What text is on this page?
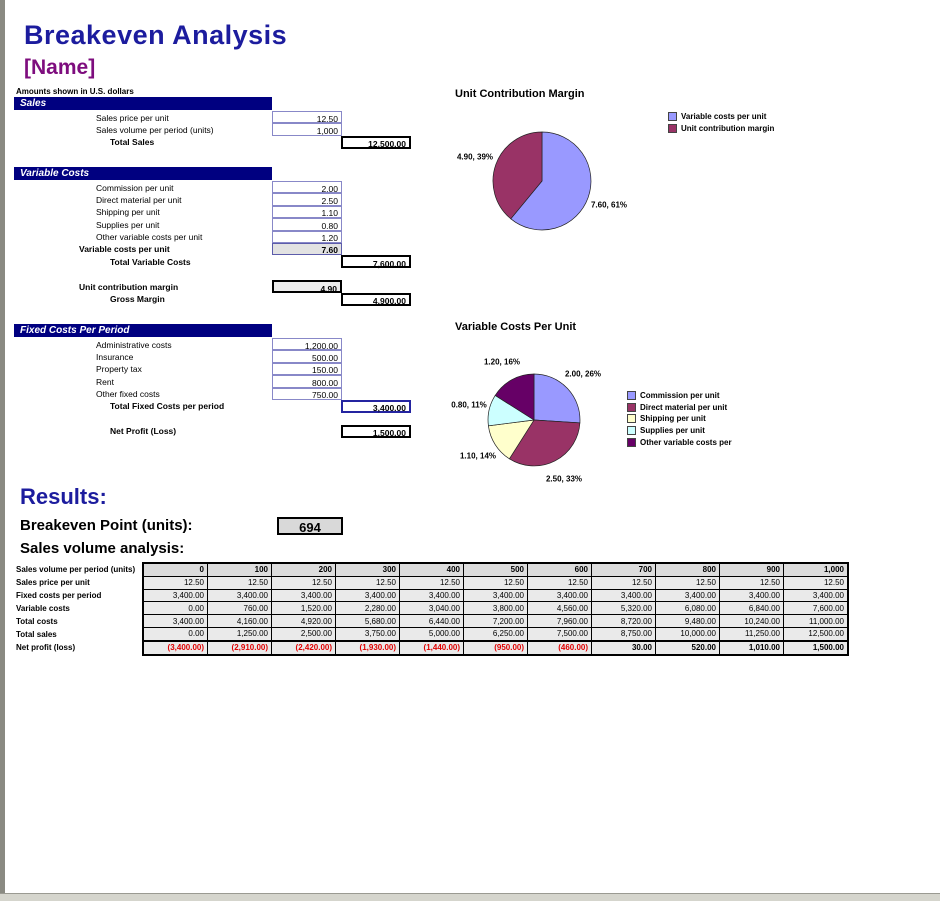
Breakeven Analysis
[Name]
Amounts shown in U.S. dollars
Sales
Sales price per unit	12.50
Sales volume per period (units)	1,000
Total Sales	12,500.00
Variable Costs
Commission per unit	2.00
Direct material per unit	2.50
Shipping per unit	1.10
Supplies per unit	0.80
Other variable costs per unit	1.20
Variable costs per unit	7.60
Total Variable Costs	7,600.00
Unit contribution margin	4.90
Gross Margin	4,900.00
Fixed Costs Per Period
Administrative costs	1,200.00
Insurance	500.00
Property tax	150.00
Rent	800.00
Other fixed costs	750.00
Total Fixed Costs per period	3,400.00
Net Profit (Loss)	1,500.00
Unit Contribution Margin
Variable costs per unit
Unit contribution margin
7.60, 61%
4.90, 39%
Variable Costs Per Unit
Commission per unit
Direct material per unit
Shipping per unit
Supplies per unit
Other variable costs per
2.00, 26%
2.50, 33%
1.10, 14%
0.80, 11%
1.20, 16%
Results:
Breakeven Point (units):	694
Sales volume analysis:
Sales volume per period (units)	0	100	200	300	400	500	600	700	800	900	1,000
Sales price per unit	12.50	12.50	12.50	12.50	12.50	12.50	12.50	12.50	12.50	12.50	12.50
Fixed costs per period	3,400.00	3,400.00	3,400.00	3,400.00	3,400.00	3,400.00	3,400.00	3,400.00	3,400.00	3,400.00	3,400.00
Variable costs	0.00	760.00	1,520.00	2,280.00	3,040.00	3,800.00	4,560.00	5,320.00	6,080.00	6,840.00	7,600.00
Total costs	3,400.00	4,160.00	4,920.00	5,680.00	6,440.00	7,200.00	7,960.00	8,720.00	9,480.00	10,240.00	11,000.00
Total sales	0.00	1,250.00	2,500.00	3,750.00	5,000.00	6,250.00	7,500.00	8,750.00	10,000.00	11,250.00	12,500.00
Net profit (loss)	(3,400.00)	(2,910.00)	(2,420.00)	(1,930.00)	(1,440.00)	(950.00)	(460.00)	30.00	520.00	1,010.00	1,500.00
